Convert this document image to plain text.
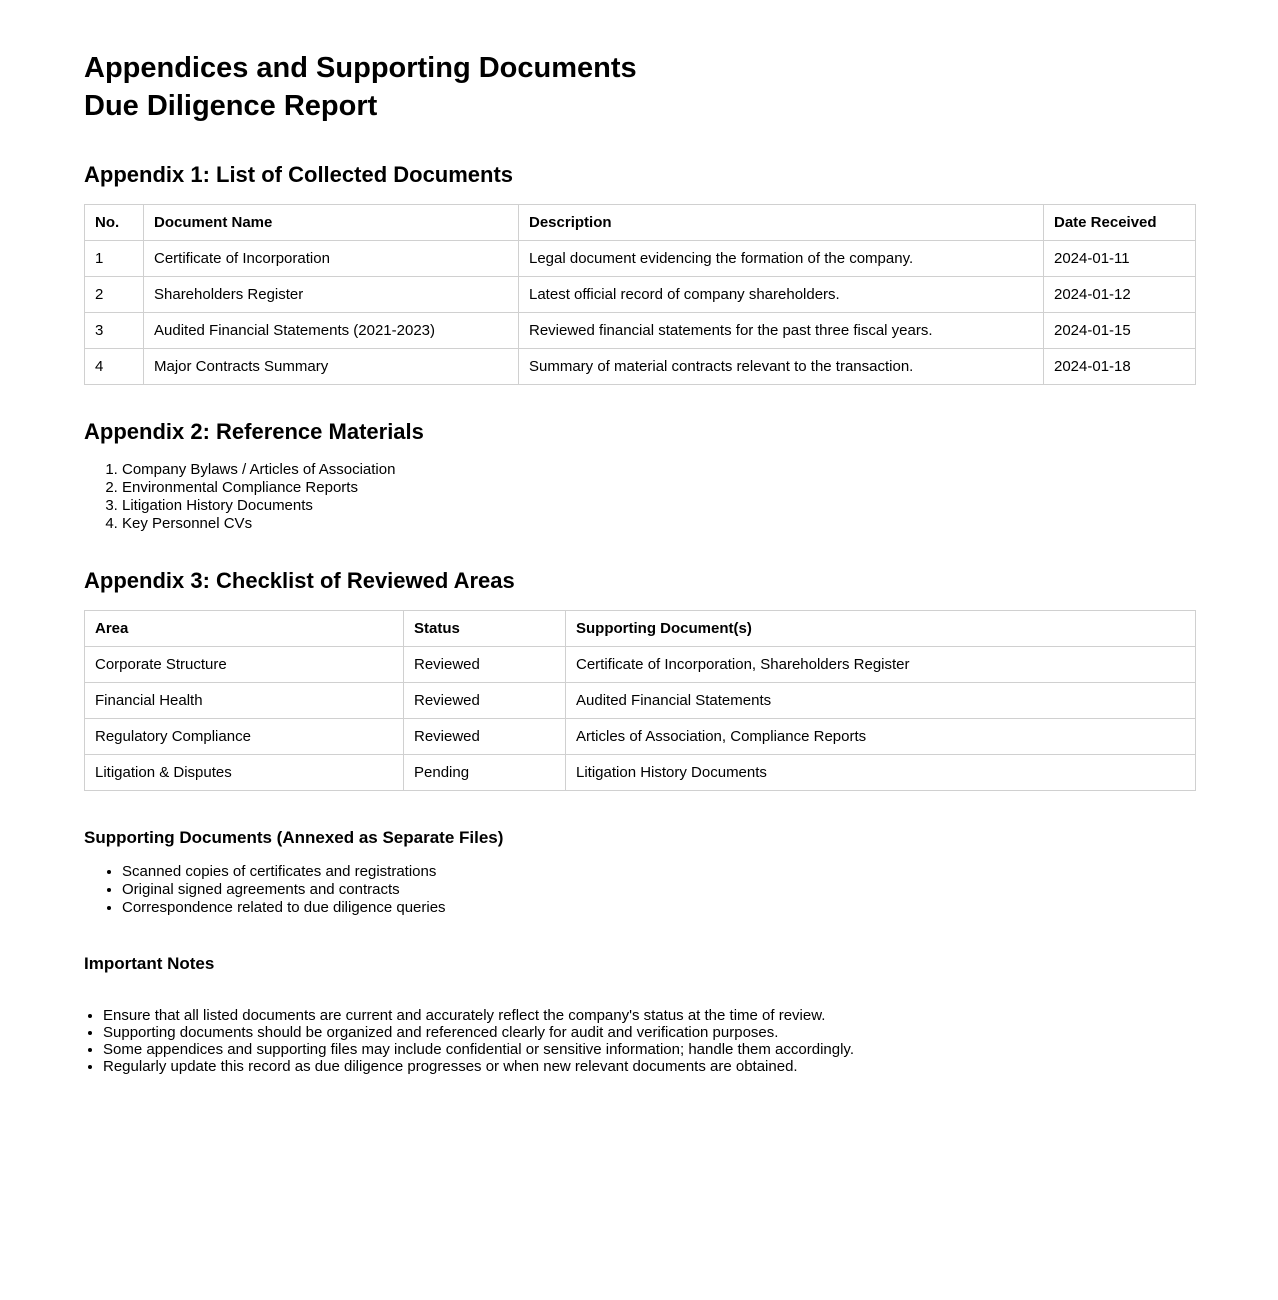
Appendices and Supporting Documents
Due Diligence Report
Appendix 1: List of Collected Documents
No.	Document Name	Description	Date Received
1	Certificate of Incorporation	Legal document evidencing the formation of the company.	2024-01-11
2	Shareholders Register	Latest official record of company shareholders.	2024-01-12
3	Audited Financial Statements (2021-2023)	Reviewed financial statements for the past three fiscal years.	2024-01-15
4	Major Contracts Summary	Summary of material contracts relevant to the transaction.	2024-01-18
Appendix 2: Reference Materials
1. Company Bylaws / Articles of Association
2. Environmental Compliance Reports
3. Litigation History Documents
4. Key Personnel CVs
Appendix 3: Checklist of Reviewed Areas
Area	Status	Supporting Document(s)
Corporate Structure	Reviewed	Certificate of Incorporation, Shareholders Register
Financial Health	Reviewed	Audited Financial Statements
Regulatory Compliance	Reviewed	Articles of Association, Compliance Reports
Litigation & Disputes	Pending	Litigation History Documents
Supporting Documents (Annexed as Separate Files)
• Scanned copies of certificates and registrations
• Original signed agreements and contracts
• Correspondence related to due diligence queries
Important Notes
• Ensure that all listed documents are current and accurately reflect the company's status at the time of review.
• Supporting documents should be organized and referenced clearly for audit and verification purposes.
• Some appendices and supporting files may include confidential or sensitive information; handle them accordingly.
• Regularly update this record as due diligence progresses or when new relevant documents are obtained.
